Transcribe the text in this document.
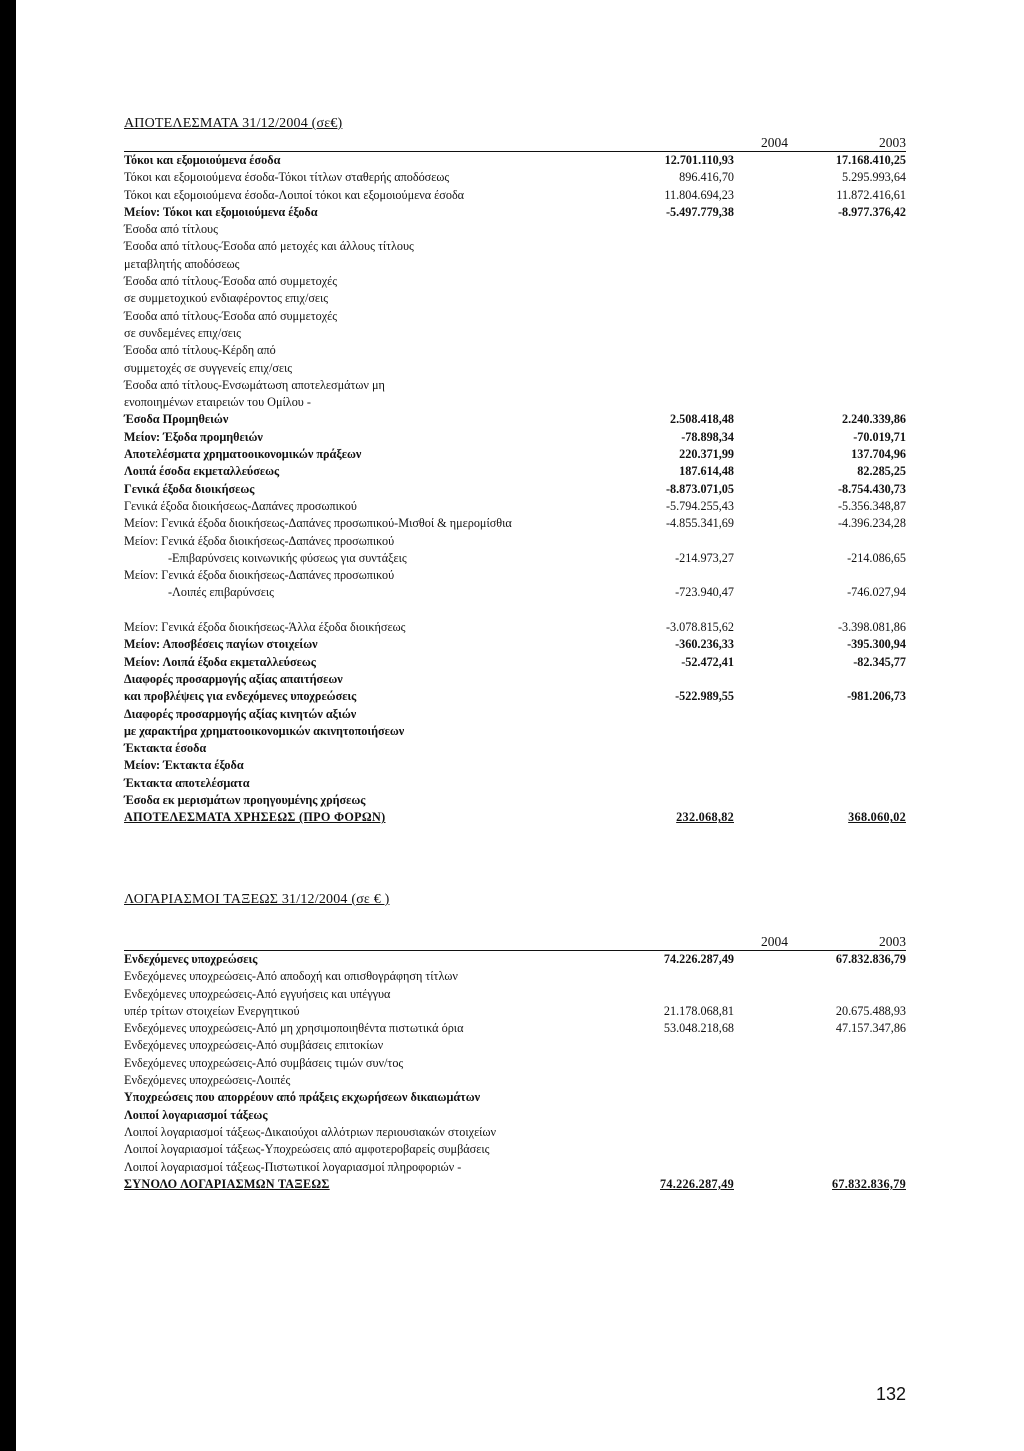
ΑΠΟΤΕΛΕΣΜΑΤΑ 31/12/2004 (σε€)
2004	2003
Τόκοι και εξομοιούμενα έσοδα	12.701.110,93	17.168.410,25
Τόκοι και εξομοιούμενα έσοδα-Τόκοι τίτλων σταθερής αποδόσεως	896.416,70	5.295.993,64
Τόκοι και εξομοιούμενα έσοδα-Λοιποί τόκοι και εξομοιούμενα έσοδα	11.804.694,23	11.872.416,61
Μείον: Τόκοι και εξομοιούμενα έξοδα	-5.497.779,38	-8.977.376,42
Έσοδα από τίτλους
Έσοδα από τίτλους-Έσοδα από μετοχές και άλλους τίτλους
μεταβλητής αποδόσεως
Έσοδα από τίτλους-Έσοδα από συμμετοχές
σε συμμετοχικού ενδιαφέροντος επιχ/σεις
Έσοδα από τίτλους-Έσοδα από συμμετοχές
σε συνδεμένες επιχ/σεις
Έσοδα από τίτλους-Κέρδη από
συμμετοχές σε συγγενείς επιχ/σεις
Έσοδα από τίτλους-Ενσωμάτωση αποτελεσμάτων μη
ενοποιημένων εταιρειών του Ομίλου -
Έσοδα Προμηθειών	2.508.418,48	2.240.339,86
Μείον: Έξοδα προμηθειών	-78.898,34	-70.019,71
Αποτελέσματα χρηματοοικονομικών πράξεων	220.371,99	137.704,96
Λοιπά έσοδα εκμεταλλεύσεως	187.614,48	82.285,25
Γενικά έξοδα διοικήσεως	-8.873.071,05	-8.754.430,73
Γενικά έξοδα διοικήσεως-Δαπάνες προσωπικού	-5.794.255,43	-5.356.348,87
Μείον: Γενικά έξοδα διοικήσεως-Δαπάνες προσωπικού-Μισθοί & ημερομίσθια	-4.855.341,69	-4.396.234,28
Μείον: Γενικά έξοδα διοικήσεως-Δαπάνες προσωπικού
-Επιβαρύνσεις κοινωνικής φύσεως για συντάξεις	-214.973,27	-214.086,65
Μείον: Γενικά έξοδα διοικήσεως-Δαπάνες προσωπικού
-Λοιπές επιβαρύνσεις	-723.940,47	-746.027,94
Μείον: Γενικά έξοδα διοικήσεως-Άλλα έξοδα διοικήσεως	-3.078.815,62	-3.398.081,86
Μείον: Αποσβέσεις παγίων στοιχείων	-360.236,33	-395.300,94
Μείον: Λοιπά έξοδα εκμεταλλεύσεως	-52.472,41	-82.345,77
Διαφορές προσαρμογής αξίας απαιτήσεων
και προβλέψεις για ενδεχόμενες υποχρεώσεις	-522.989,55	-981.206,73
Διαφορές προσαρμογής αξίας κινητών αξιών
με χαρακτήρα χρηματοοικονομικών ακινητοποιήσεων
Έκτακτα έσοδα
Μείον: Έκτακτα έξοδα
Έκτακτα αποτελέσματα
Έσοδα εκ μερισμάτων προηγουμένης χρήσεως
ΑΠΟΤΕΛΕΣΜΑΤΑ ΧΡΗΣΕΩΣ (ΠΡΟ ΦΟΡΩΝ)	232.068,82	368.060,02
ΛΟΓΑΡΙΑΣΜΟΙ ΤΑΞΕΩΣ 31/12/2004 (σε € )
2004	2003
Ενδεχόμενες υποχρεώσεις	74.226.287,49	67.832.836,79
Ενδεχόμενες υποχρεώσεις-Από αποδοχή και οπισθογράφηση τίτλων
Ενδεχόμενες υποχρεώσεις-Από εγγυήσεις και υπέγγυα
υπέρ τρίτων στοιχείων Ενεργητικού	21.178.068,81	20.675.488,93
Ενδεχόμενες υποχρεώσεις-Από μη χρησιμοποιηθέντα πιστωτικά όρια	53.048.218,68	47.157.347,86
Ενδεχόμενες υποχρεώσεις-Από συμβάσεις επιτοκίων
Ενδεχόμενες υποχρεώσεις-Από συμβάσεις τιμών συν/τος
Ενδεχόμενες υποχρεώσεις-Λοιπές
Υποχρεώσεις που απορρέουν από πράξεις εκχωρήσεων δικαιωμάτων
Λοιποί λογαριασμοί τάξεως
Λοιποί λογαριασμοί τάξεως-Δικαιούχοι αλλότριων περιουσιακών στοιχείων
Λοιποί λογαριασμοί τάξεως-Υποχρεώσεις από αμφοτεροβαρείς συμβάσεις
Λοιποί λογαριασμοί τάξεως-Πιστωτικοί λογαριασμοί πληροφοριών -
ΣΥΝΟΛΟ ΛΟΓΑΡΙΑΣΜΩΝ ΤΑΞΕΩΣ	74.226.287,49	67.832.836,79
132
